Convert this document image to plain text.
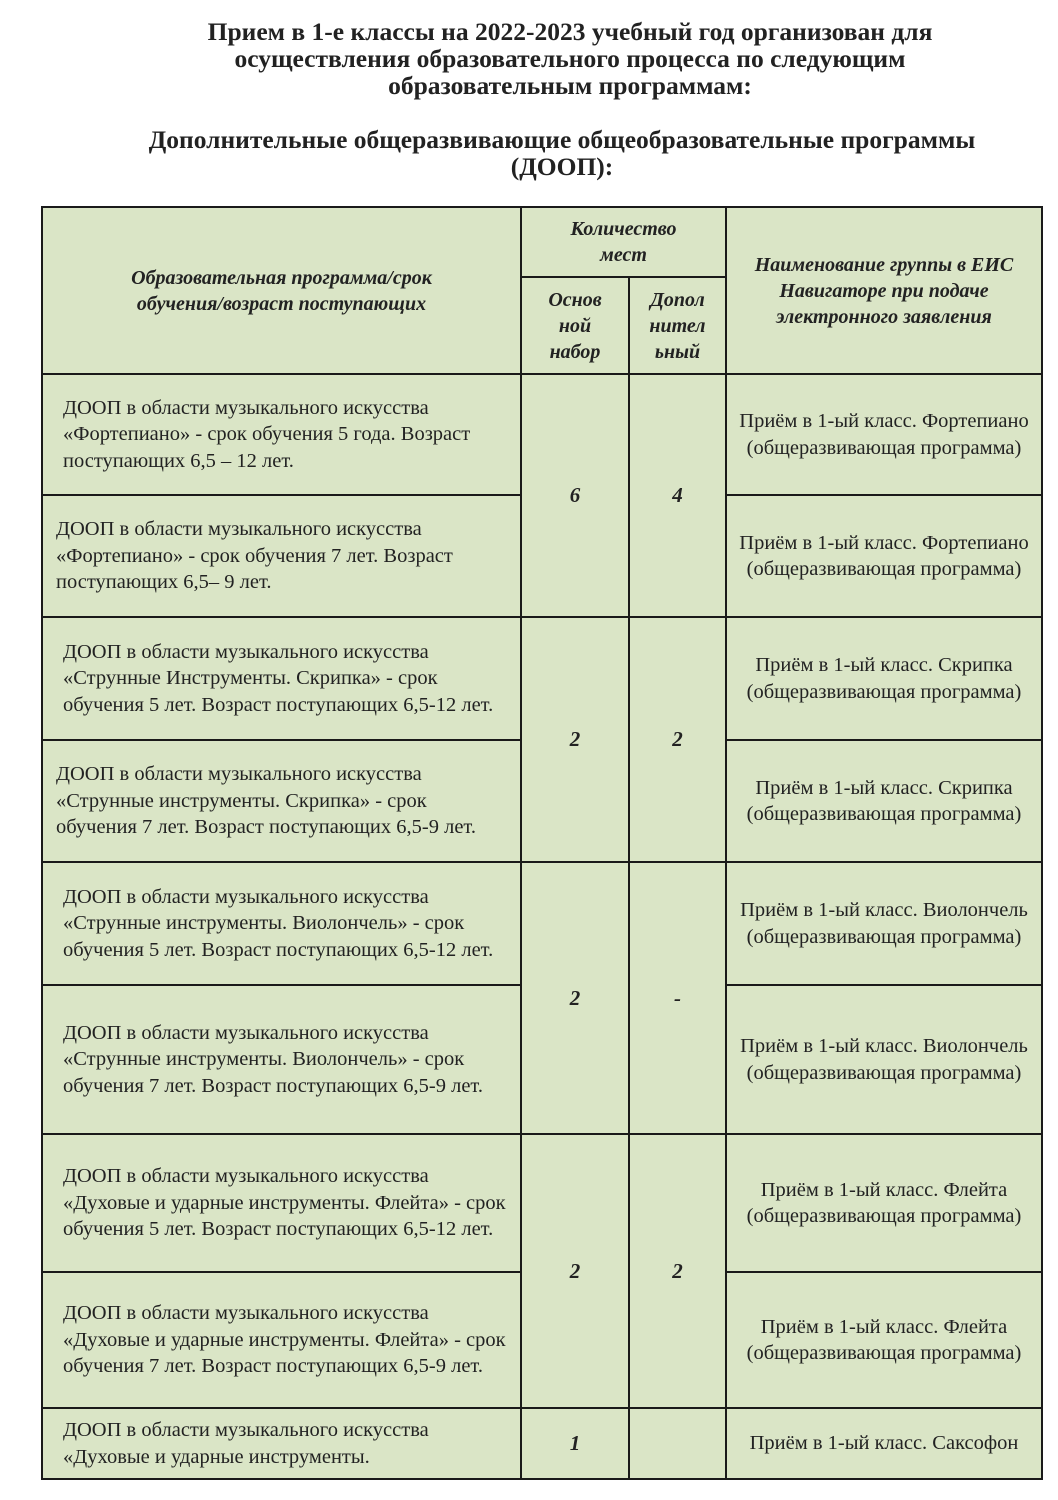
Прием в 1-е классы на 2022-2023 учебный год организован для
осуществления образовательного процесса по следующим
образовательным программам:
Дополнительные общеразвивающие общеобразовательные программы
(ДООП):
Образовательная программа/срок обучения/возраст поступающих	Количество мест		Наименование группы в ЕИС Навигаторе при подаче электронного заявления

	Основ ной набор	Допол нител ьный	

ДООП в области музыкального искусства «Фортепиано» - срок обучения 5 года. Возраст поступающих 6,5 – 12 лет.	6	4	Приём в 1-ый класс. Фортепиано (общеразвивающая программа)

ДООП в области музыкального искусства «Фортепиано» - срок обучения 7 лет. Возраст поступающих 6,5– 9 лет.			Приём в 1-ый класс. Фортепиано (общеразвивающая программа)

ДООП в области музыкального искусства «Струнные Инструменты. Скрипка» - срок обучения 5 лет. Возраст поступающих 6,5-12 лет.	2	2	Приём в 1-ый класс. Скрипка (общеразвивающая программа)

ДООП в области музыкального искусства «Струнные инструменты. Скрипка» - срок обучения 7 лет. Возраст поступающих 6,5-9 лет.			Приём в 1-ый класс. Скрипка (общеразвивающая программа)

ДООП в области музыкального искусства «Струнные инструменты. Виолончель» - срок обучения 5 лет. Возраст поступающих 6,5-12 лет.	2	-	Приём в 1-ый класс. Виолончель (общеразвивающая программа)

ДООП в области музыкального искусства «Струнные инструменты. Виолончель» - срок обучения 7 лет. Возраст поступающих 6,5-9 лет.			Приём в 1-ый класс. Виолончель (общеразвивающая программа)

ДООП в области музыкального искусства «Духовые и ударные инструменты. Флейта» - срок обучения 5 лет. Возраст поступающих 6,5-12 лет.	2	2	Приём в 1-ый класс. Флейта (общеразвивающая программа)

ДООП в области музыкального искусства «Духовые и ударные инструменты. Флейта» - срок обучения 7 лет. Возраст поступающих 6,5-9 лет.			Приём в 1-ый класс. Флейта (общеразвивающая программа)

ДООП в области музыкального искусства «Духовые и ударные инструменты.	1		Приём в 1-ый класс. Саксофон
